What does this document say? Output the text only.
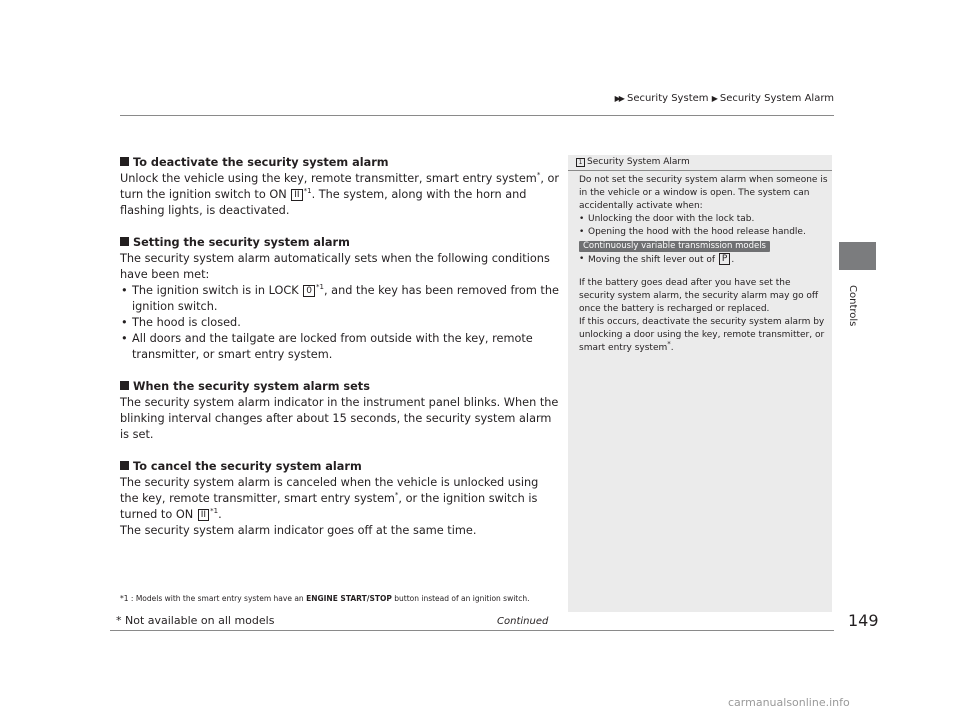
▶▶ Security System ▶ Security System Alarm
Controls
To deactivate the security system alarm

Unlock the vehicle using the key, remote transmitter, smart entry system*, or turn the ignition switch to ON II $^{*1}$. The system, along with the horn and flashing lights, is deactivated.

Setting the security system alarm

The security system alarm automatically sets when the following conditions have been met:

• The ignition switch is in LOCK 0 $^{*1}$, and the key has been removed from the ignition switch.
• The hood is closed.
• All doors and the tailgate are locked from outside with the key, remote transmitter, or smart entry system.
When the security system alarm sets

The security system alarm indicator in the instrument panel blinks. When the blinking interval changes after about 15 seconds, the security system alarm is set.

To cancel the security system alarm

The security system alarm is canceled when the vehicle is unlocked using the key, remote transmitter, smart entry system*, or the ignition switch is turned to ON II $^{*1}$.

The security system alarm indicator goes off at the same time.

*1 : Models with the smart entry system have an ENGINE START/STOP button instead of an ignition switch.
1 Security System Alarm

Do not set the security system alarm when someone is in the vehicle or a window is open. The system can accidentally activate when:

• Unlocking the door with the lock tab.

• Opening the hood with the hood release handle.

Continuously variable transmission models

• Moving the shift lever out of P .

If the battery goes dead after you have set the security system alarm, the security alarm may go off once the battery is recharged or replaced.

If this occurs, deactivate the security system alarm by unlocking a door using the key, remote transmitter, or smart entry system*.

* Not available on all models	Continued	149
carmanualsonline.info
